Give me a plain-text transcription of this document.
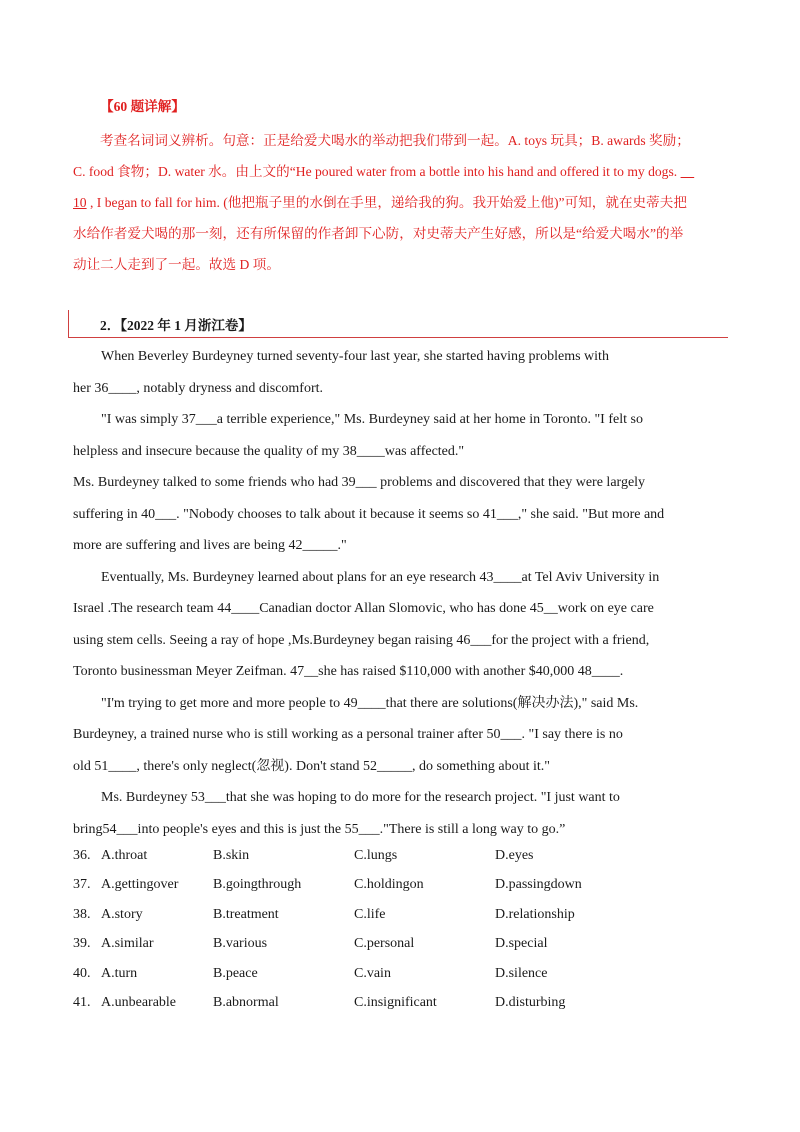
【60 题详解】
考查名词词义辨析。句意：正是给爱犬喝水的举动把我们带到一起。A. toys 玩具；B. awards 奖励；
C. food 食物；D. water 水。由上文的“He poured water from a bottle into his hand and offered it to my dogs.  
10 , I began to fall for him. (他把瓶子里的水倒在手里，递给我的狗。我开始爱上他)”可知，就在史蒂夫把
水给作者爱犬喝的那一刻，还有所保留的作者卸下心防，对史蒂夫产生好感，所以是“给爱犬喝水”的举
动让二人走到了一起。故选 D 项。
2．【2022 年 1 月浙江卷】
When Beverley Burdeyney turned seventy-four last year, she started having problems with
her 36____, notably dryness and discomfort.
"I was simply 37___a terrible experience," Ms. Burdeyney said at her home in Toronto. "I felt so
helpless and insecure because the quality of my 38____was affected."
Ms. Burdeyney talked to some friends who had 39___ problems and discovered that they were largely
suffering in 40___. "Nobody chooses to talk about it because it seems so 41___," she said. "But more and
more are suffering and lives are being 42_____."
Eventually, Ms. Burdeyney learned about plans for an eye research 43____at Tel Aviv University in
Israel .The research team 44____Canadian doctor Allan Slomovic, who has done 45__work on eye care
using stem cells. Seeing a ray of hope ,Ms.Burdeyney began raising 46___for the project with a friend,
Toronto businessman Meyer Zeifman. 47__she has raised $110,000 with another $40,000 48____.
"I'm trying to get more and more people to 49____that there are solutions(解决办法)," said Ms.
Burdeyney, a trained nurse who is still working as a personal trainer after 50___. "I say there is no
old 51____, there's only neglect(忽视). Don't stand 52_____, do something about it."
Ms. Burdeyney 53___that she was hoping to do more for the research project. "I just want to
bring54___into people's eyes and this is just the 55___."There is still a long way to go.”
36. A.throat	B.skin	C.lungs	D.eyes
37. A.gettingover B.goingthrough	C.holdingon	D.passingdown
38. A.story	B.treatment	C.life	D.relationship
39. A.similar	B.various	C.personal	D.special
40. A.turn	B.peace	C.vain	D.silence
41. A.unbearable	B.abnormal	C.insignificant	D.disturbing
